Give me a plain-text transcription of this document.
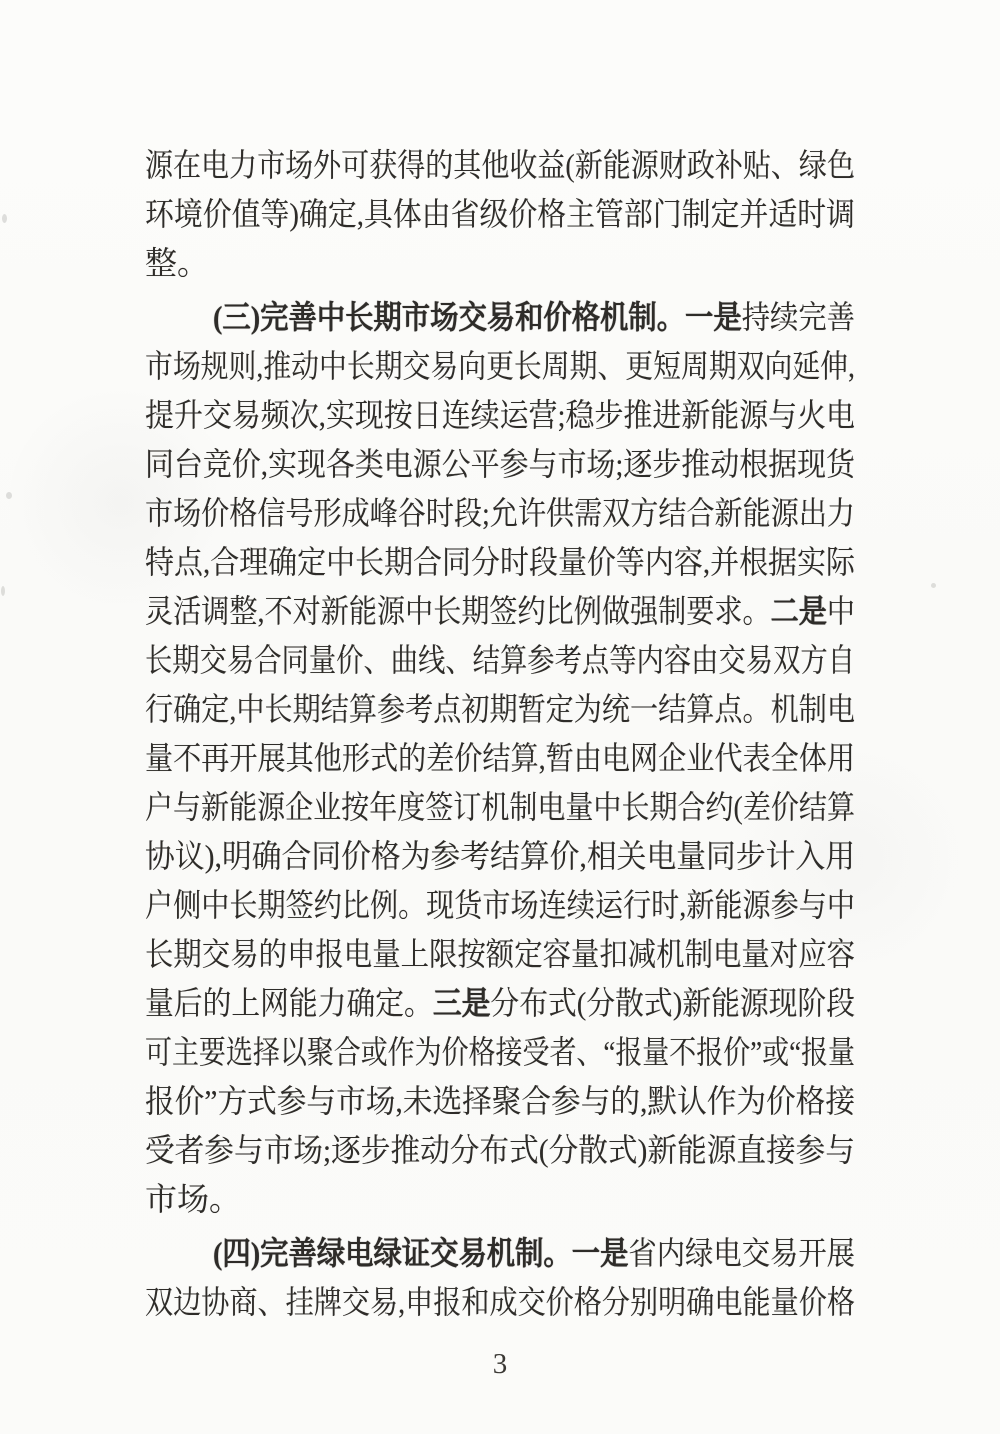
源在电力市场外可获得的其他收益(新能源财政补贴、绿色
环境价值等)确定,具体由省级价格主管部门制定并适时调
整。
(三)完善中长期市场交易和价格机制。一是持续完善
市场规则,推动中长期交易向更长周期、更短周期双向延伸,
提升交易频次,实现按日连续运营;稳步推进新能源与火电
同台竞价,实现各类电源公平参与市场;逐步推动根据现货
市场价格信号形成峰谷时段;允许供需双方结合新能源出力
特点,合理确定中长期合同分时段量价等内容,并根据实际
灵活调整,不对新能源中长期签约比例做强制要求。二是中
长期交易合同量价、曲线、结算参考点等内容由交易双方自
行确定,中长期结算参考点初期暂定为统一结算点。机制电
量不再开展其他形式的差价结算,暂由电网企业代表全体用
户与新能源企业按年度签订机制电量中长期合约(差价结算
协议),明确合同价格为参考结算价,相关电量同步计入用
户侧中长期签约比例。现货市场连续运行时,新能源参与中
长期交易的申报电量上限按额定容量扣减机制电量对应容
量后的上网能力确定。三是分布式(分散式)新能源现阶段
可主要选择以聚合或作为价格接受者、“报量不报价”或“报量
报价”方式参与市场,未选择聚合参与的,默认作为价格接
受者参与市场;逐步推动分布式(分散式)新能源直接参与
市场。
(四)完善绿电绿证交易机制。一是省内绿电交易开展
双边协商、挂牌交易,申报和成交价格分别明确电能量价格
3
